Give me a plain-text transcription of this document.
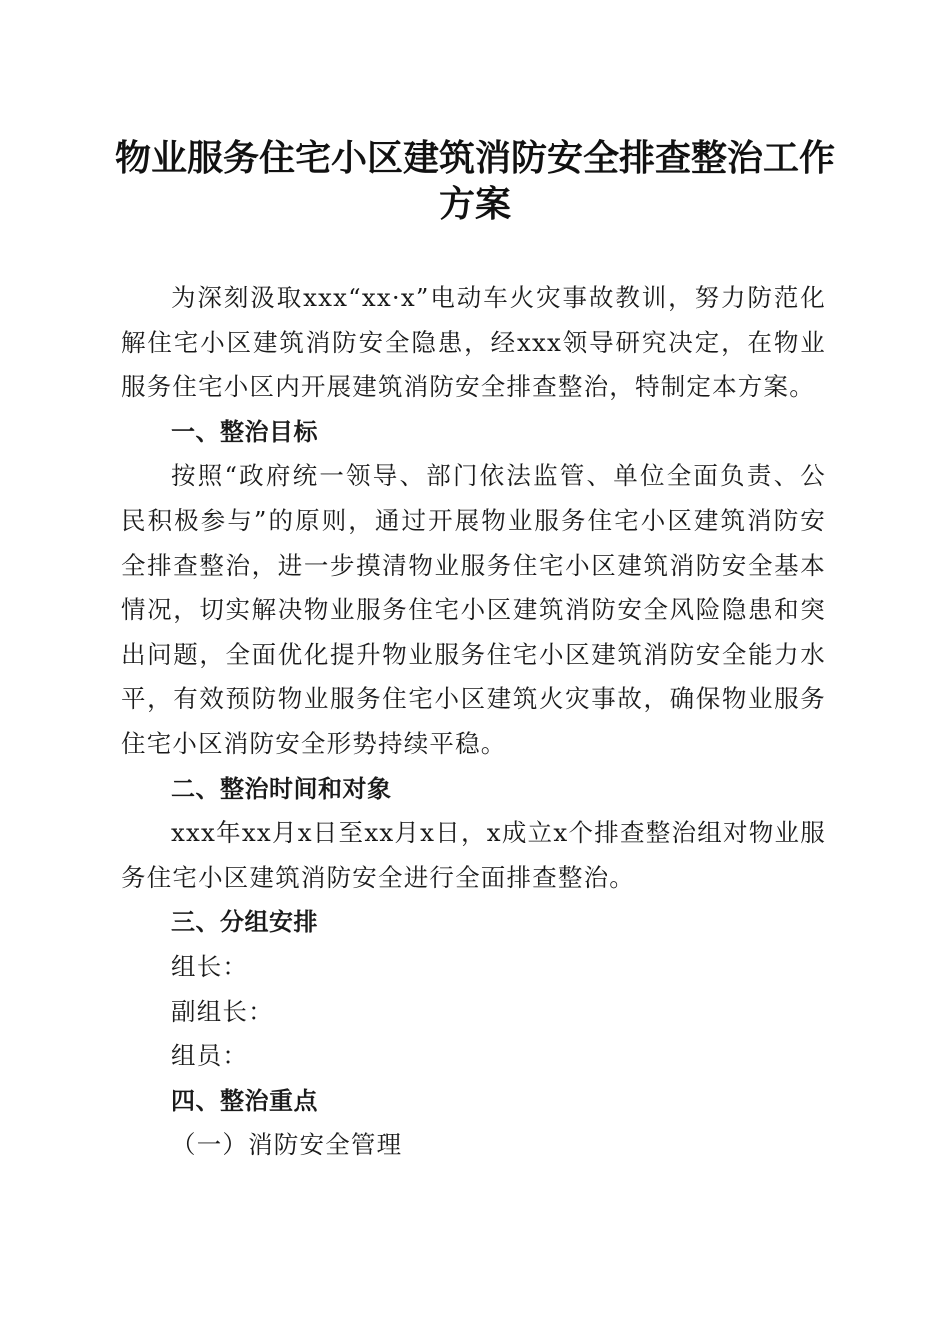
物业服务住宅小区建筑消防安全排查整治工作
方案

为深刻汲取xxx“xx·x”电动车火灾事故教训，努力防范化解住宅小区建筑消防安全隐患，经xxx领导研究决定，在物业服务住宅小区内开展建筑消防安全排查整治，特制定本方案。

一、整治目标

按照“政府统一领导、部门依法监管、单位全面负责、公民积极参与”的原则，通过开展物业服务住宅小区建筑消防安全排查整治，进一步摸清物业服务住宅小区建筑消防安全基本情况，切实解决物业服务住宅小区建筑消防安全风险隐患和突出问题，全面优化提升物业服务住宅小区建筑消防安全能力水平，有效预防物业服务住宅小区建筑火灾事故，确保物业服务住宅小区消防安全形势持续平稳。

二、整治时间和对象

xxx年xx月x日至xx月x日，x成立x个排查整治组对物业服务住宅小区建筑消防安全进行全面排查整治。

三、分组安排

组长：

副组长：

组员：

四、整治重点

（一）消防安全管理
